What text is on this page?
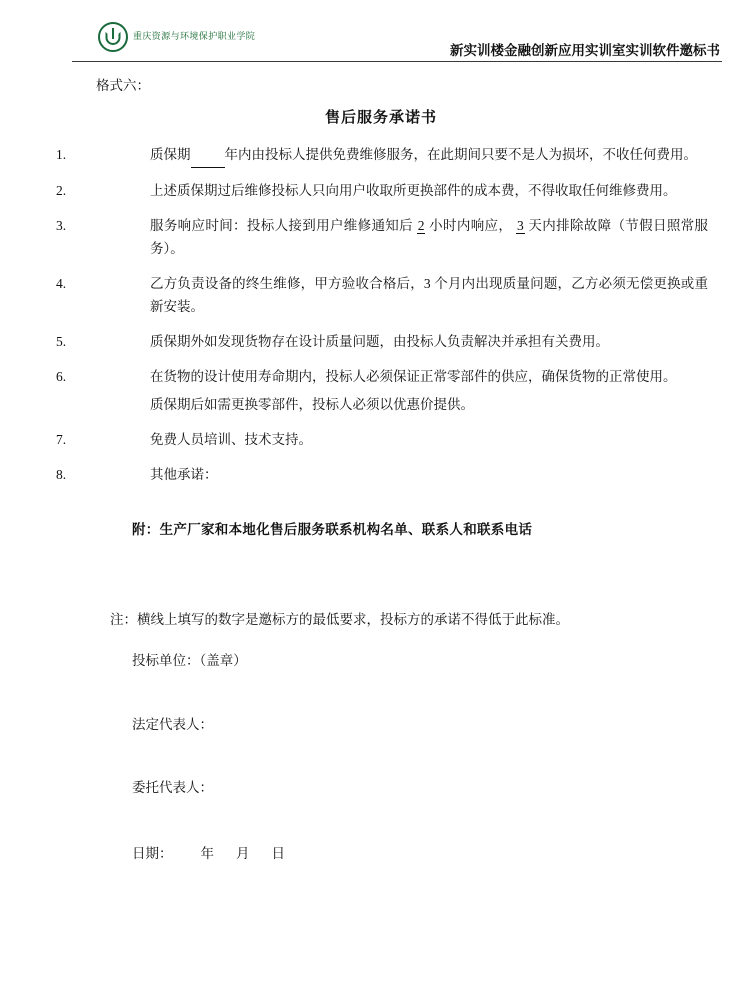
重庆资源与环境保护职业学院
新实训楼金融创新应用实训室实训软件邀标书
格式六：
售后服务承诺书
1.	质保期	年内由投标人提供免费维修服务，在此期间只要不是人为损坏，不收任何费用。
2.	上述质保期过后维修投标人只向用户收取所更换部件的成本费，不得收取任何维修费用。
3.	服务响应时间：投标人接到用户维修通知后 2 小时内响应， 3 天内排除故障（节假日照常服务）。
4.	乙方负责设备的终生维修，甲方验收合格后，3 个月内出现质量问题，乙方必须无偿更换或重新安装。
5.	质保期外如发现货物存在设计质量问题，由投标人负责解决并承担有关费用。
6.	在货物的设计使用寿命期内，投标人必须保证正常零部件的供应，确保货物的正常使用。
质保期后如需更换零部件，投标人必须以优惠价提供。
7.	免费人员培训、技术支持。
8.	其他承诺：
附：生产厂家和本地化售后服务联系机构名单、联系人和联系电话
注：横线上填写的数字是邀标方的最低要求，投标方的承诺不得低于此标准。
投标单位：（盖章）
法定代表人：
委托代表人：
日期： 年 月 日
